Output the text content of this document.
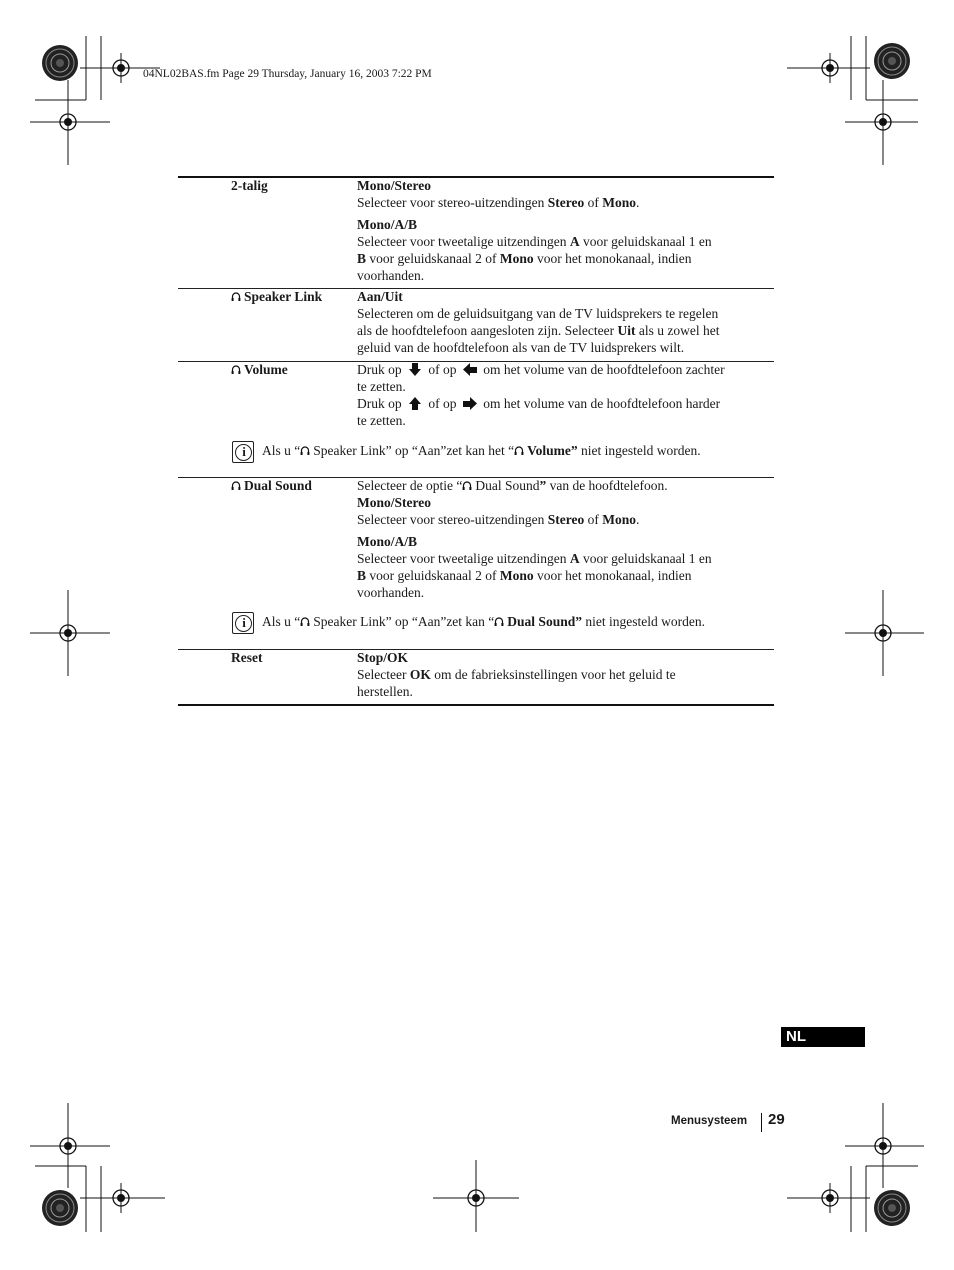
04NL02BAS.fm Page 29 Thursday, January 16, 2003 7:22 PM
2-talig	Mono/Stereo
Selecteer voor stereo-uitzendingen Stereo of Mono.
Mono/A/B
Selecteer voor tweetalige uitzendingen A voor geluidskanaal 1 en
B voor geluidskanaal 2 of Mono voor het monokanaal, indien
voorhanden.
Speaker Link	Aan/Uit
Selecteren om de geluidsuitgang van de TV luidsprekers te regelen
als de hoofdtelefoon aangesloten zijn. Selecteer Uit als u zowel het
geluid van de hoofdtelefoon als van de TV luidsprekers wilt.
Volume	Druk op  of op  om het volume van de hoofdtelefoon zachter
te zetten.
Druk op  of op  om het volume van de hoofdtelefoon harder
te zetten.
iAls u “ Speaker Link” op “Aan”zet kan het “ Volume” niet ingesteld worden.
Dual Sound	Selecteer de optie “ Dual Sound” van de hoofdtelefoon.
Mono/Stereo
Selecteer voor stereo-uitzendingen Stereo of Mono.
Mono/A/B
Selecteer voor tweetalige uitzendingen A voor geluidskanaal 1 en
B voor geluidskanaal 2 of Mono voor het monokanaal, indien
voorhanden.
iAls u “ Speaker Link” op “Aan”zet kan “ Dual Sound” niet ingesteld worden.
Reset	Stop/OK
Selecteer OK om de fabrieksinstellingen voor het geluid te
herstellen.
NL
Menusysteem 29
